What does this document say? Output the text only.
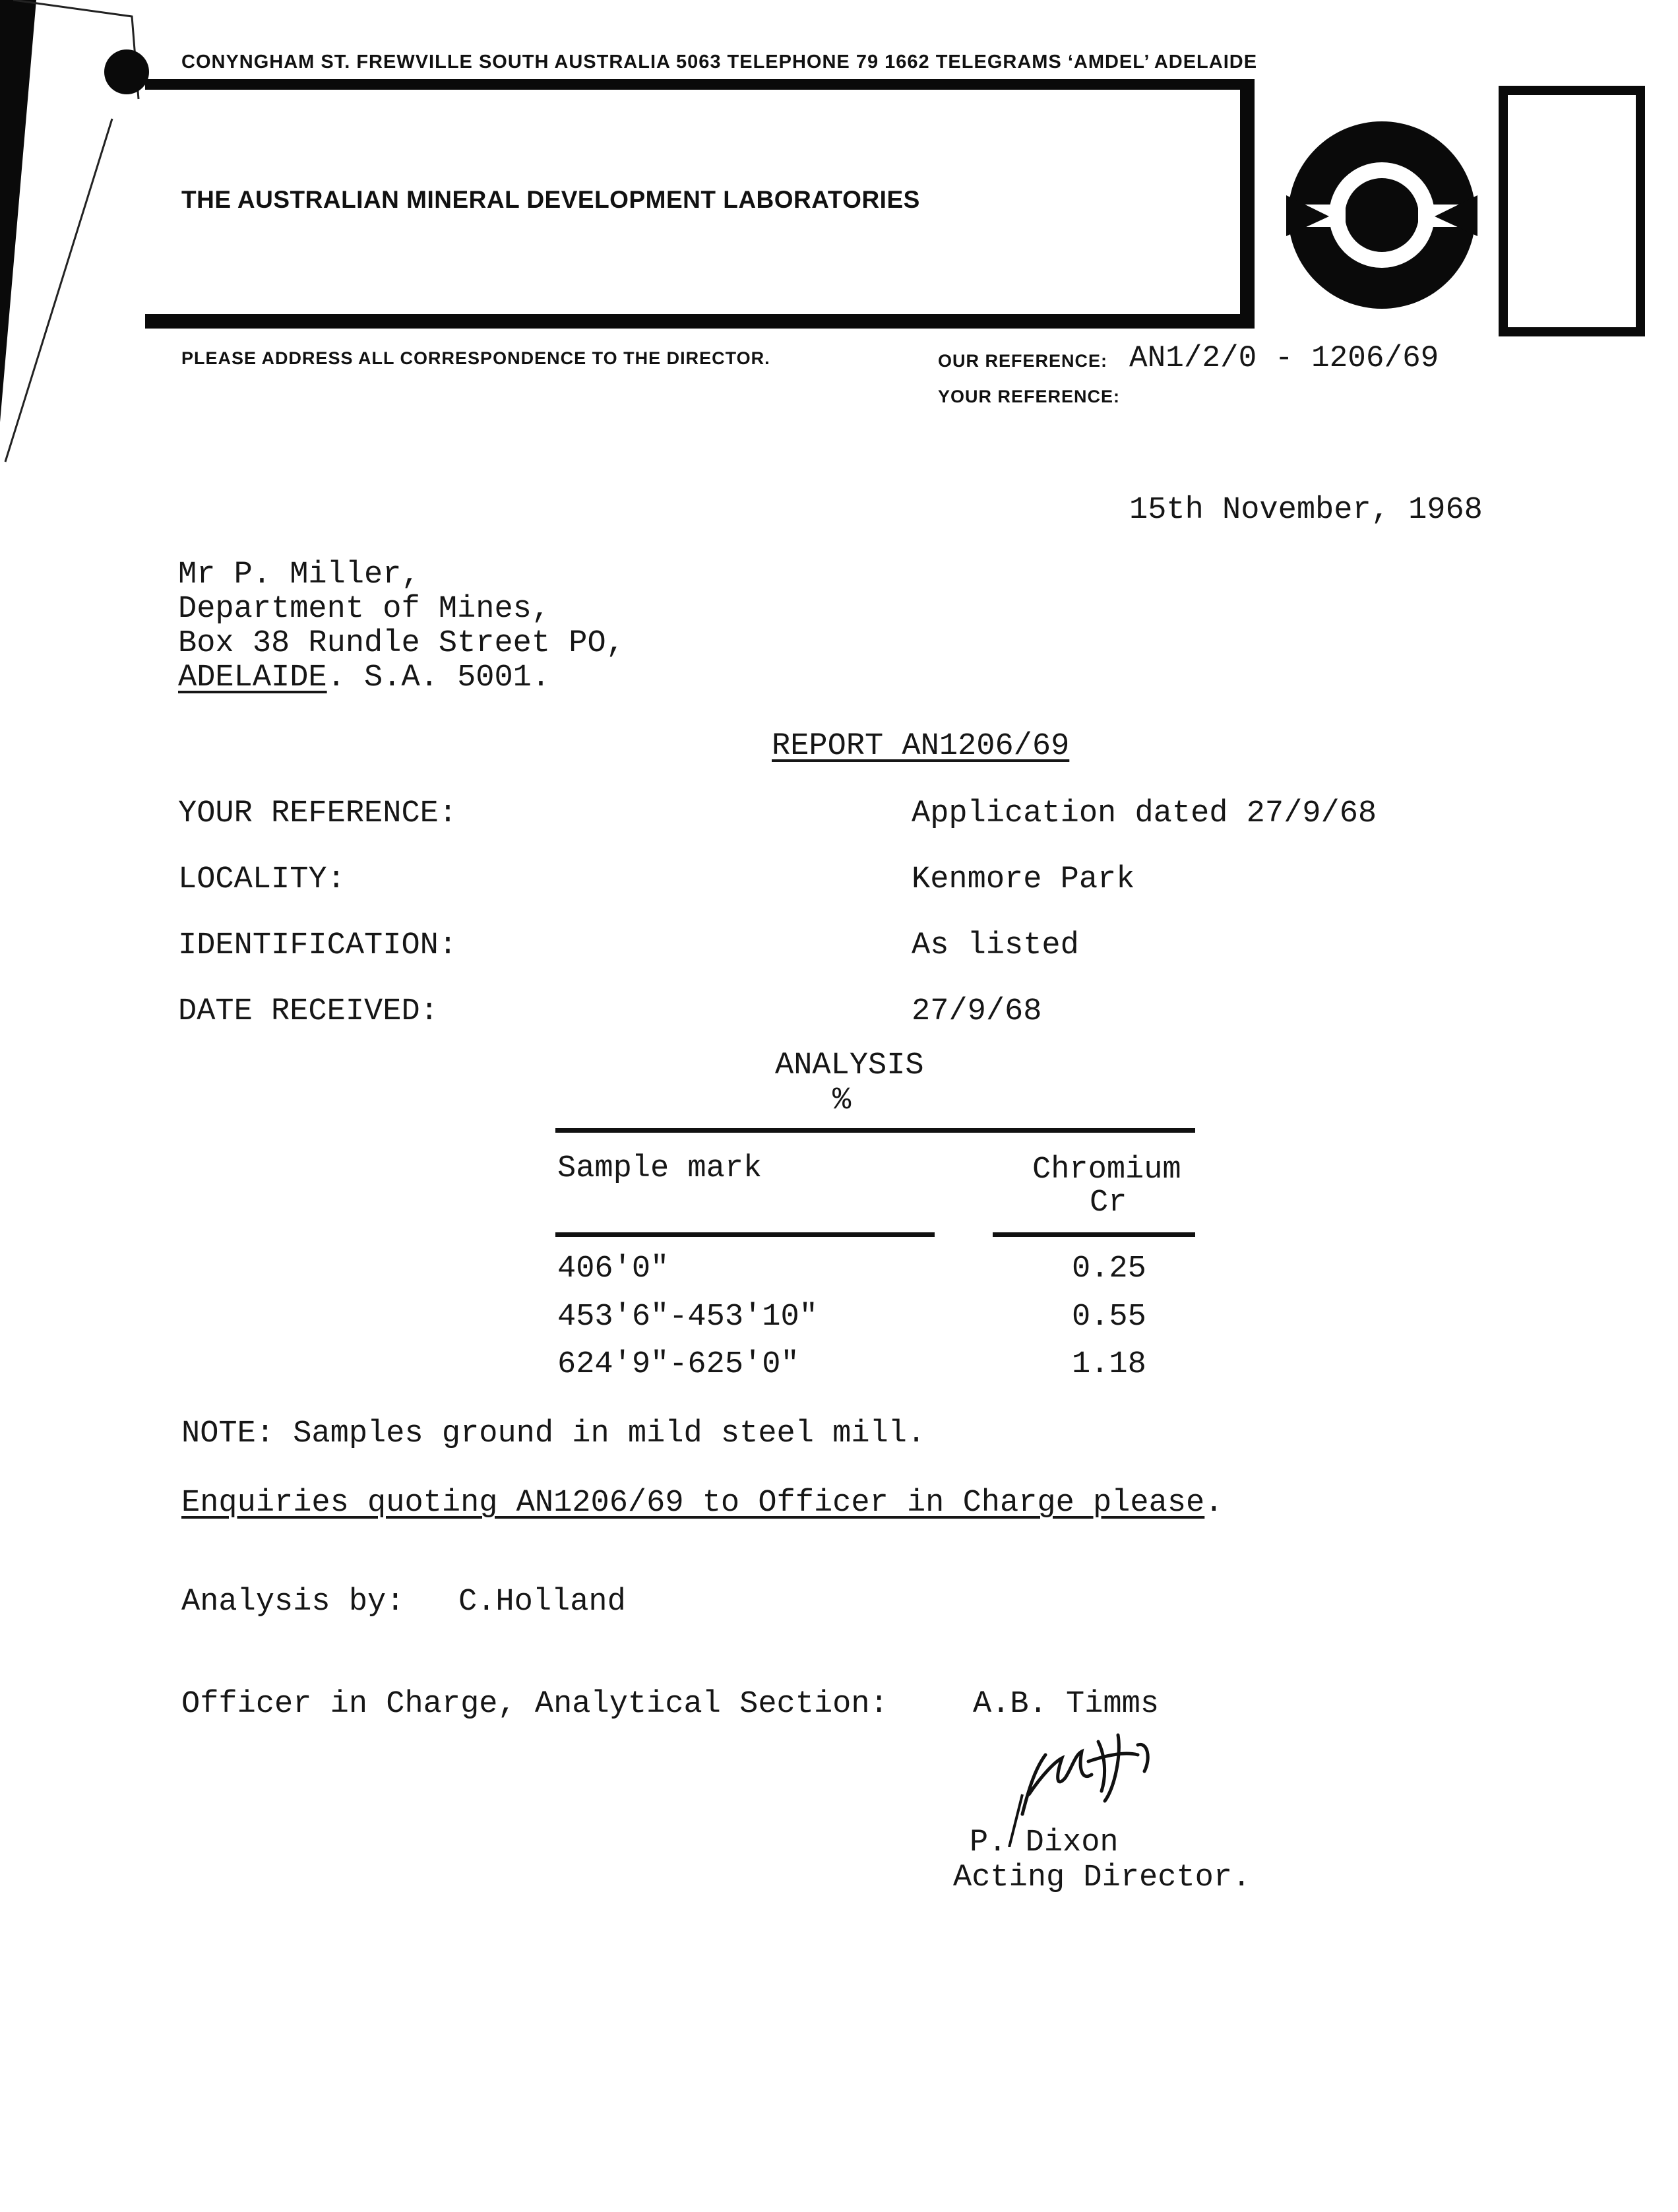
CONYNGHAM ST. FREWVILLE SOUTH AUSTRALIA 5063 TELEPHONE 79 1662 TELEGRAMS ‘AMDEL’ ADELAIDE
THE AUSTRALIAN MINERAL DEVELOPMENT LABORATORIES
PLEASE ADDRESS ALL CORRESPONDENCE TO THE DIRECTOR.	OUR REFERENCE: AN1/2/0 - 1206/69
YOUR REFERENCE:
15th November, 1968
Mr P. Miller,
Department of Mines,
Box 38 Rundle Street PO,
ADELAIDE. S.A. 5001.
REPORT AN1206/69
YOUR REFERENCE:	Application dated 27/9/68
LOCALITY:	Kenmore Park
IDENTIFICATION:	As listed
DATE RECEIVED:	27/9/68
ANALYSIS
%
Sample mark	Chromium
Cr
406'0"	0.25
453'6"-453'10"	0.55
624'9"-625'0"	1.18
NOTE: Samples ground in mild steel mill.
Enquiries quoting AN1206/69 to Officer in Charge please.
Analysis by: C.Holland
Officer in Charge, Analytical Section:	A.B. Timms
P. Dixon
Acting Director.
